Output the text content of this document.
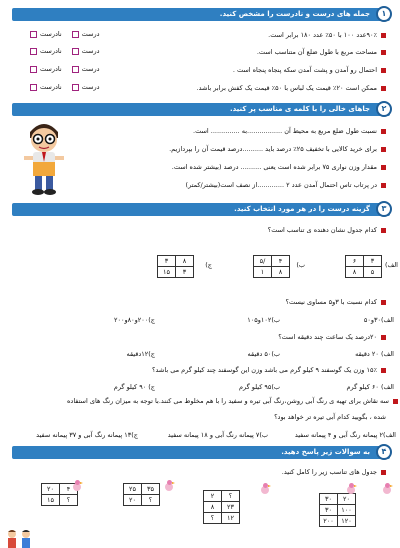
جمله های درست و نادرست را مشخص کنید.	۱
۹۰٪عدد ۱۰۰ با ۵۰٪ عدد ۱۸۰ برابر است.
مساحت مربع با طول ضلع آن متناسب است.
احتمال رو آمدن و پشت آمدن سکه پنجاه پنجاه است .
ممکن است ۲۰٪ قیمت یک لباس با ۵۰٪ قیمت یک کفش برابر باشد.
درستنادرست
درستنادرست
درستنادرست
درستنادرست
جاهای خالی را با کلمه ی مناسب پر کنید.	۲
نسبت طول ضلع مربع به محیط آن .................به .............. است.
برای خرید کالایی با تخفیف ۲۵٪ درصد باید ..........درصد قیمت آن را بپردازیم.
مقدار وزن نواری ۷۵ برابر شده است یعنی .......... درصد (بیشتر شده است.
در پرتاب تاس احتمال آمدن عدد ۲ .............از نصف است(بیشتر/کمتر)
گزینه درست را در هر مورد انتخاب کنید.	۳
کدام جدول نشان دهنده ی تناسب است؟
الف)
۶	۳
۸	۵
ب)
۵/	۴
۱	۸
ج)
۳	۸
۱۵	۳
کدام نسبت با ۳و۵ مساوی نیست؟
الف)۳۰و۵۰
ب)۱۰۲و۱۰۵
ج)۲۰۰و۸۰و۲۰۰
۲۰درصد یک ساعت چند دقیقه است؟
الف) ۲۰ دقیقه
ب)۵۰ دقیقه
ج)۱۲دقیقه
۱۵٪ وزن یک گوسفند ۹ کیلو گرم می باشد وزن این گوسفند چند کیلو گرم می باشد؟
الف) ۶۰ کیلو گرم
ب)۹۵ کیلو گرم
ج) ۹۰ کیلو گرم
سه نقاش برای تهیه ی رنگ آبی روشن،رنگ آبی تیره و سفید را با هم مخلوط می کنند.با توجه به میزان رنگ های استفاده
شده ، بگویید کدام آبی تیره تر خواهد بود؟
الف)۲ پیمانه رنگ آبی و ۴ پیمانه سفید
ب)۷ پیمانه رنگ آبی و ۱۸ پیمانه سفید
ج)۱۳ پیمانه رنگ آبی و ۳۷ پیمانه سفید
به سوالات زیر پاسخ دهید.	۴
جدول های تناسب زیر را کامل کنید.
۳۰	۲۰
۳۰	۱۰۰
۲۰۰	۱۲۰
۲	؟
۸	۲۳
؟	۱۲
۲۵	۳۵
۲۰	؟
۲۰	۴
۱۵	؟
